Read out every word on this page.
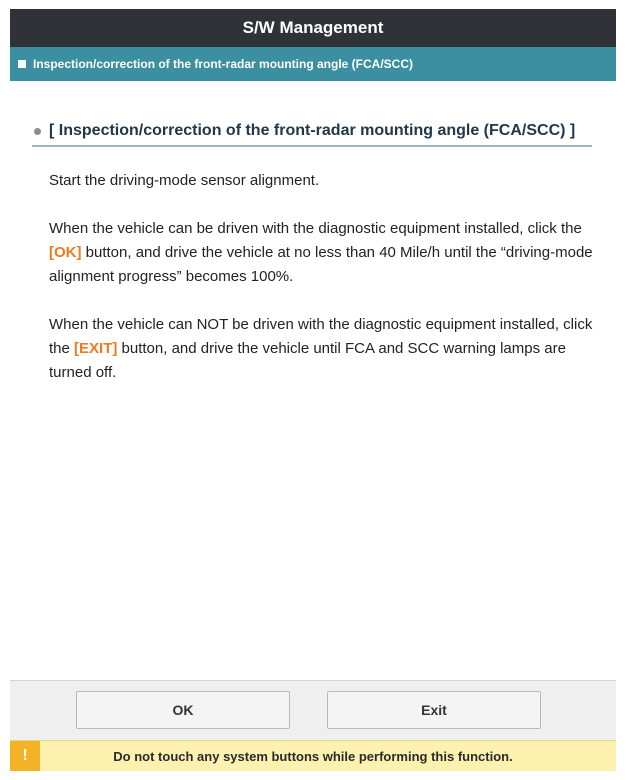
S/W Management
Inspection/correction of the front-radar mounting angle (FCA/SCC)
[ Inspection/correction of the front-radar mounting angle (FCA/SCC) ]

Start the driving-mode sensor alignment.

When the vehicle can be driven with the diagnostic equipment installed, click the [OK] button, and drive the vehicle at no less than 40 Mile/h until the “driving-mode alignment progress” becomes 100%.

When the vehicle can NOT be driven with the diagnostic equipment installed, click the [EXIT] button, and drive the vehicle until FCA and SCC warning lamps are turned off.

OK	Exit
!	Do not touch any system buttons while performing this function.
